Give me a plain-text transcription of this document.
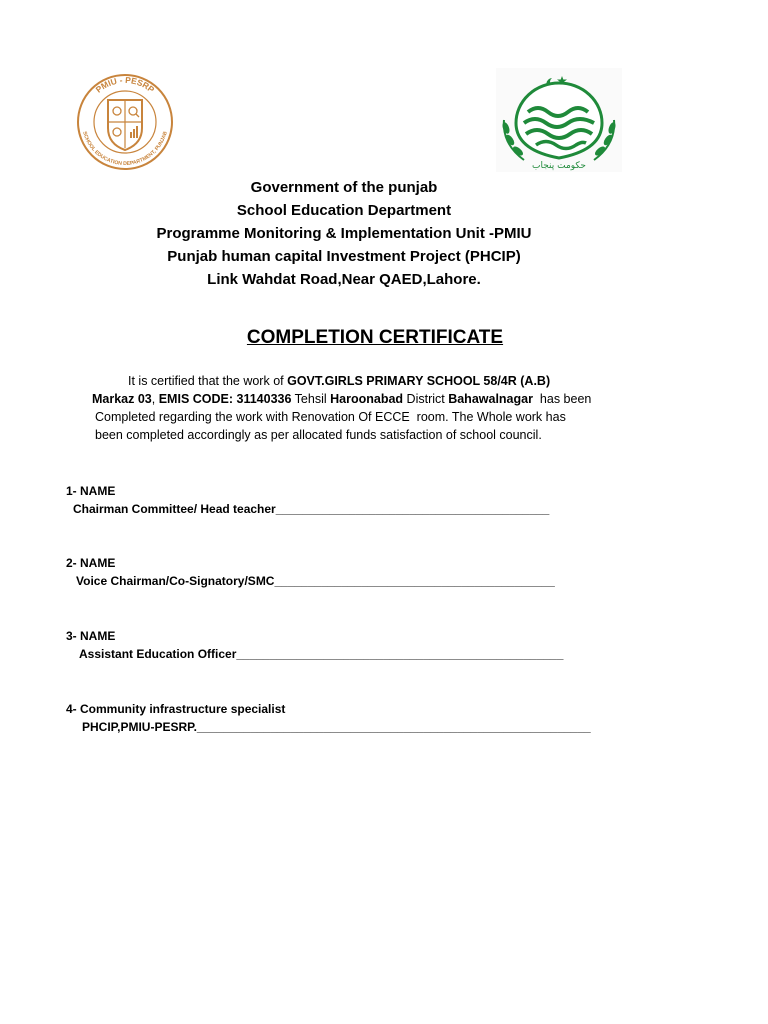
PMIU - PESRP
SCHOOL EDUCATION DEPARTMENT, PUNJAB
حکومت پنجاب
Government of the punjab
School Education Department
Programme Monitoring & Implementation Unit -PMIU
Punjab human capital Investment Project (PHCIP)
Link Wahdat Road,Near QAED,Lahore.
COMPLETION CERTIFICATE
It is certified that the work of GOVT.GIRLS PRIMARY SCHOOL 58/4R (A.B)
Markaz 03, EMIS CODE: 31140336 Tehsil Haroonabad District Bahawalnagar  has been
Completed regarding the work with Renovation Of ECCE  room. The Whole work has
been completed accordingly as per allocated funds satisfaction of school council.
1- NAME
Chairman Committee/ Head teacher_________________________________________
2- NAME
Voice Chairman/Co-Signatory/SMC__________________________________________
3- NAME
Assistant Education Officer_________________________________________________
4- Community infrastructure specialist
PHCIP,PMIU-PESRP.___________________________________________________________
